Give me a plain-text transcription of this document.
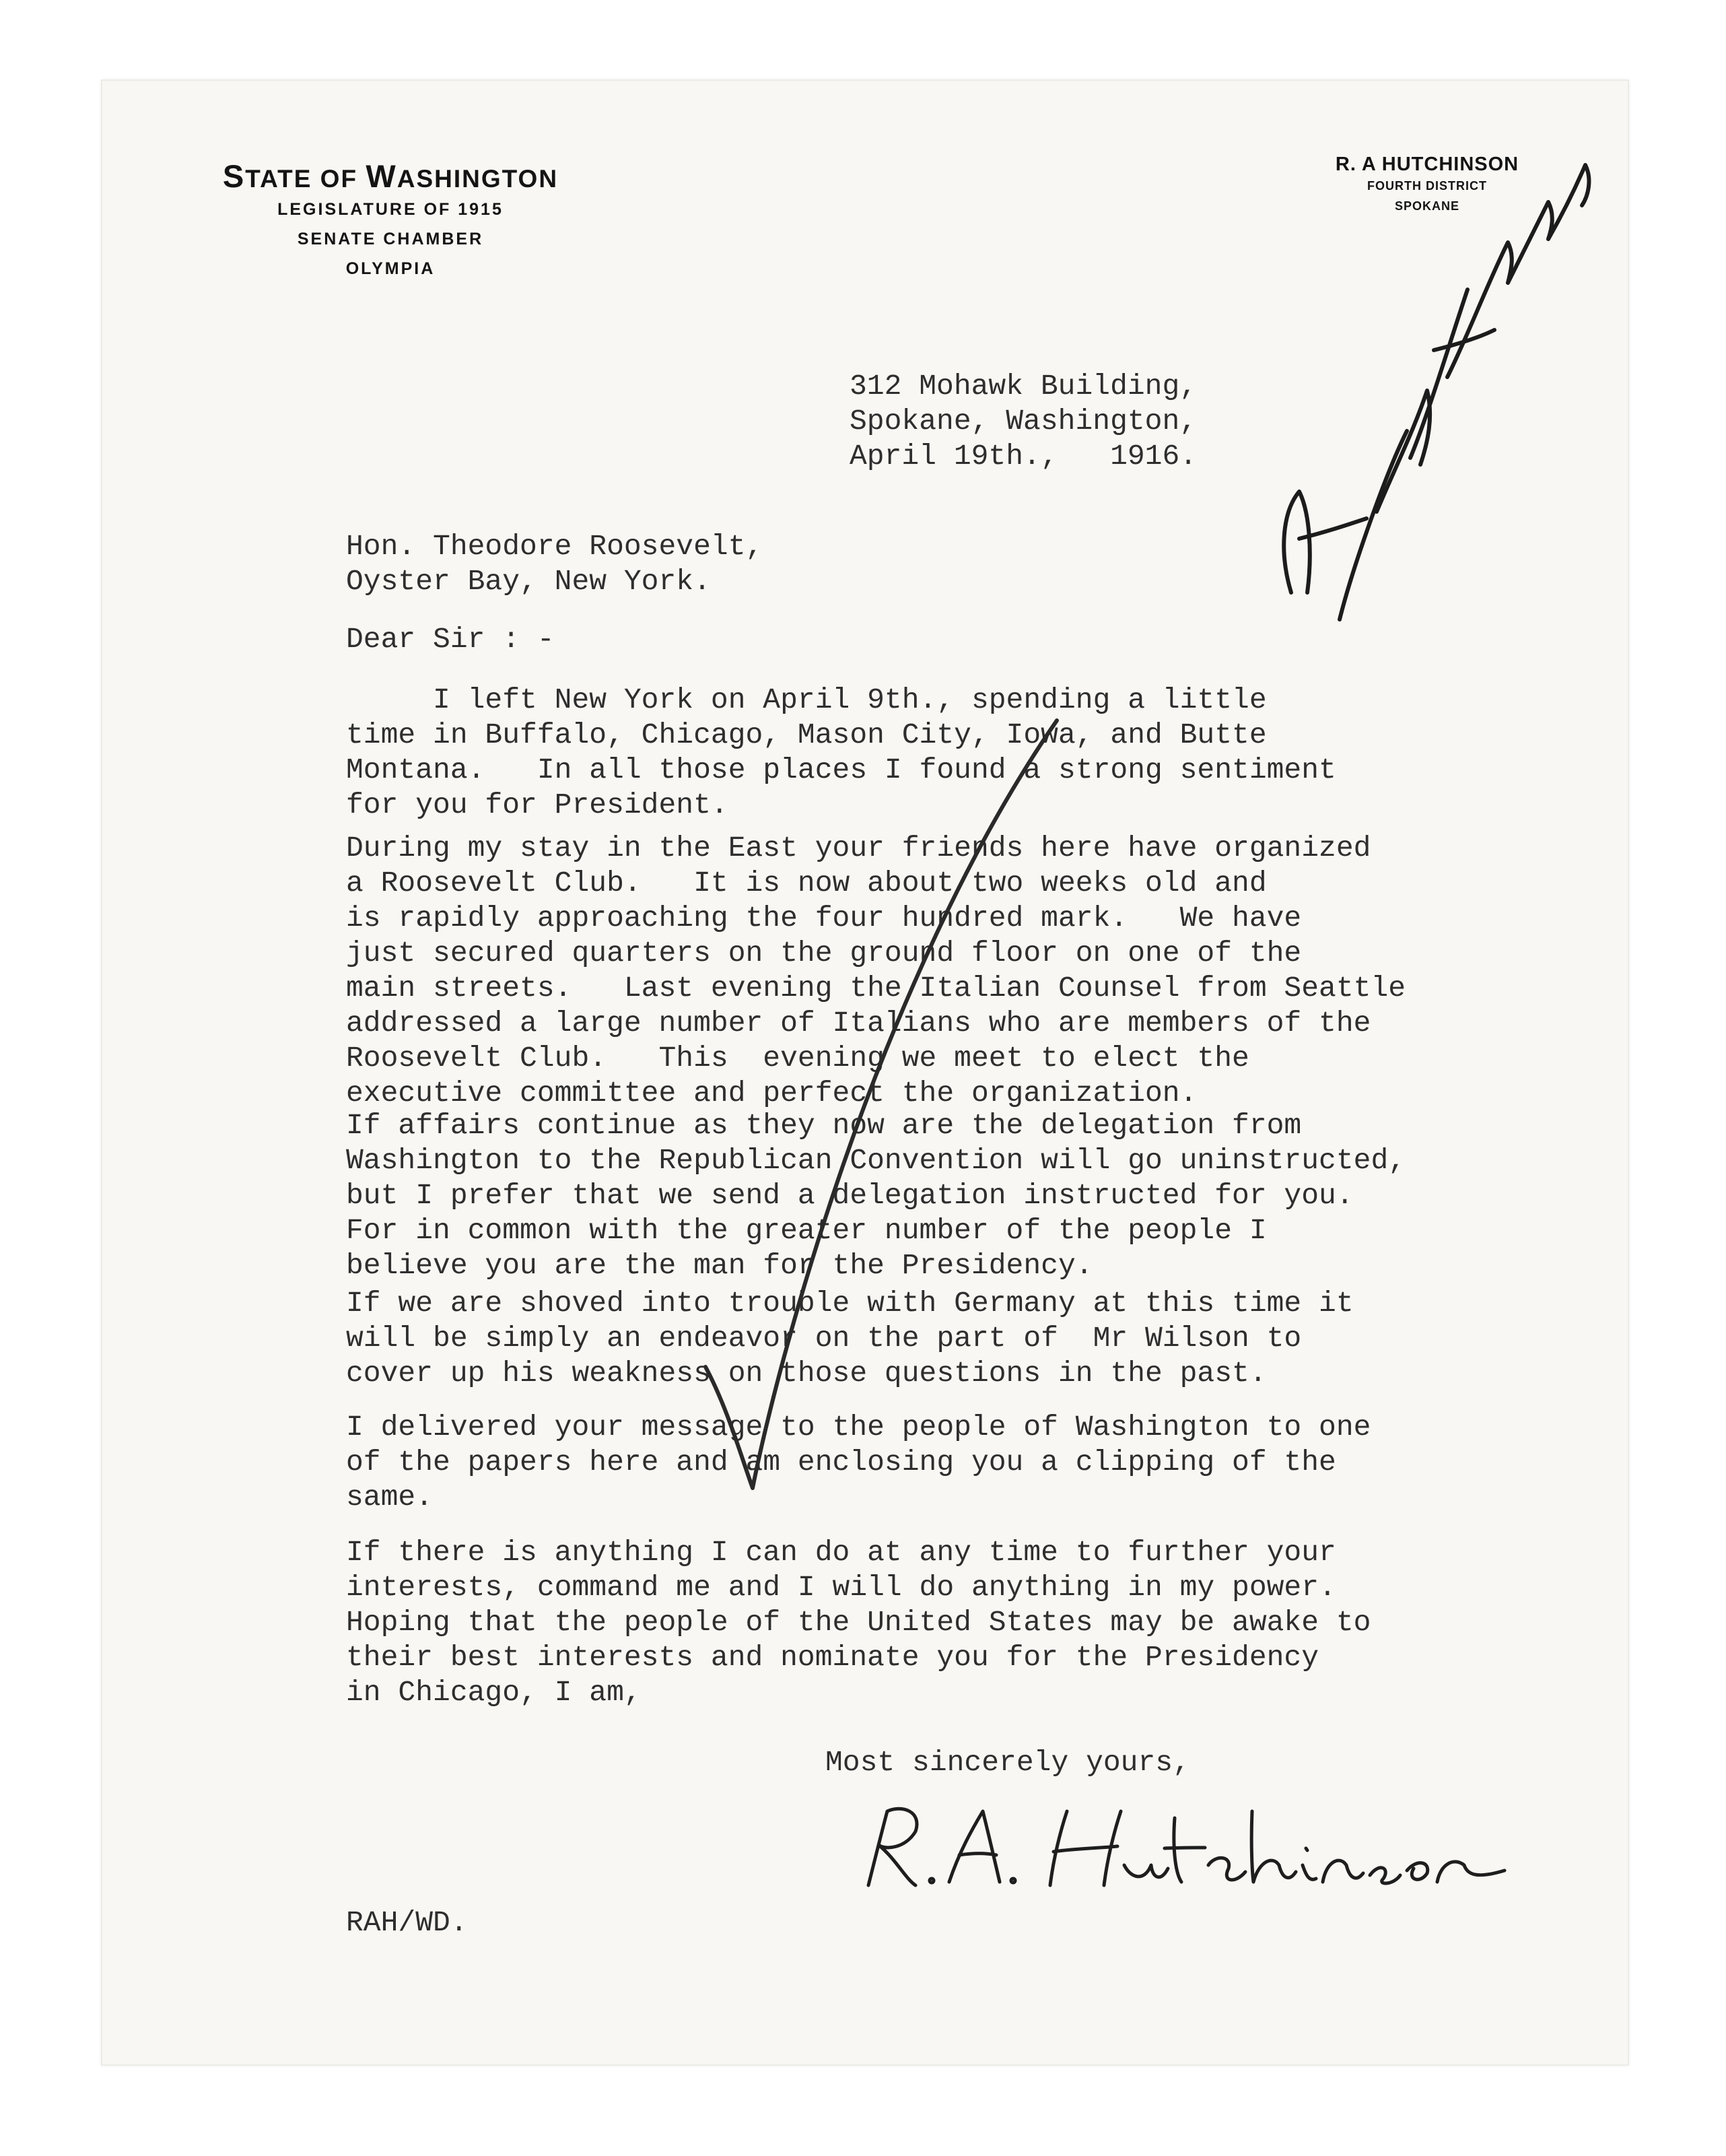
STATE OF WASHINGTON
LEGISLATURE OF 1915
SENATE CHAMBER
OLYMPIA
R. A HUTCHINSON
FOURTH DISTRICT
SPOKANE
312 Mohawk Building,
Spokane, Washington,
April 19th.,   1916.
Hon. Theodore Roosevelt,
Oyster Bay, New York.
Dear Sir : -
I left New York on April 9th., spending a little
time in Buffalo, Chicago, Mason City, Iowa, and Butte
Montana.   In all those places I found a strong sentiment
for you for President.
During my stay in the East your friends here have organized
a Roosevelt Club.   It is now about two weeks old and
is rapidly approaching the four hundred mark.   We have
just secured quarters on the ground floor on one of the
main streets.   Last evening the Italian Counsel from Seattle
addressed a large number of Italians who are members of the
Roosevelt Club.   This  evening we meet to elect the
executive committee and perfect the organization.
If affairs continue as they now are the delegation from
Washington to the Republican Convention will go uninstructed,
but I prefer that we send a delegation instructed for you.
For in common with the greater number of the people I
believe you are the man for the Presidency.
If we are shoved into trouble with Germany at this time it
will be simply an endeavor on the part of  Mr Wilson to
cover up his weakness on those questions in the past.
I delivered your message to the people of Washington to one
of the papers here and am enclosing you a clipping of the
same.
If there is anything I can do at any time to further your
interests, command me and I will do anything in my power.
Hoping that the people of the United States may be awake to
their best interests and nominate you for the Presidency
in Chicago, I am,
Most sincerely yours,
RAH/WD.
